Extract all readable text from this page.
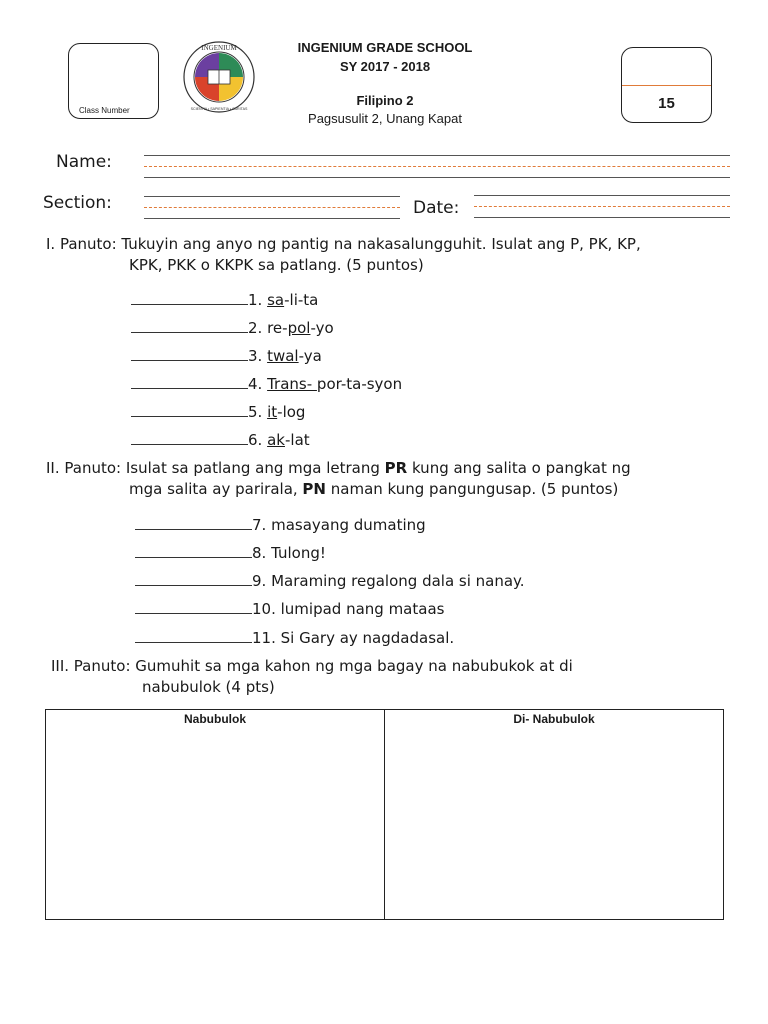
Class Number
INGENIUM
SCIENTIA • SAPIENTIA • CARITAS
INGENIUM GRADE SCHOOL
SY 2017 - 2018
Filipino 2
Pagsusulit 2, Unang Kapat
15
Name:
Section:	Date:
I. Panuto: Tukuyin ang anyo ng pantig na nakasalungguhit. Isulat ang P, PK, KP,
KPK, PKK o KKPK sa patlang. (5 puntos)
1. sa-li-ta
2. re-pol-yo
3. twal-ya
4. Trans- por-ta-syon
5. it-log
6. ak-lat
II. Panuto: Isulat sa patlang ang mga letrang PR kung ang salita o pangkat ng
mga salita ay parirala, PN naman kung pangungusap. (5 puntos)
7. masayang dumating
8. Tulong!
9. Maraming regalong dala si nanay.
10. lumipad nang mataas
11. Si Gary ay nagdadasal.
III. Panuto: Gumuhit sa mga kahon ng mga bagay na nabubukok at di
nabubulok (4 pts)
Nabubulok	Di- Nabubulok
